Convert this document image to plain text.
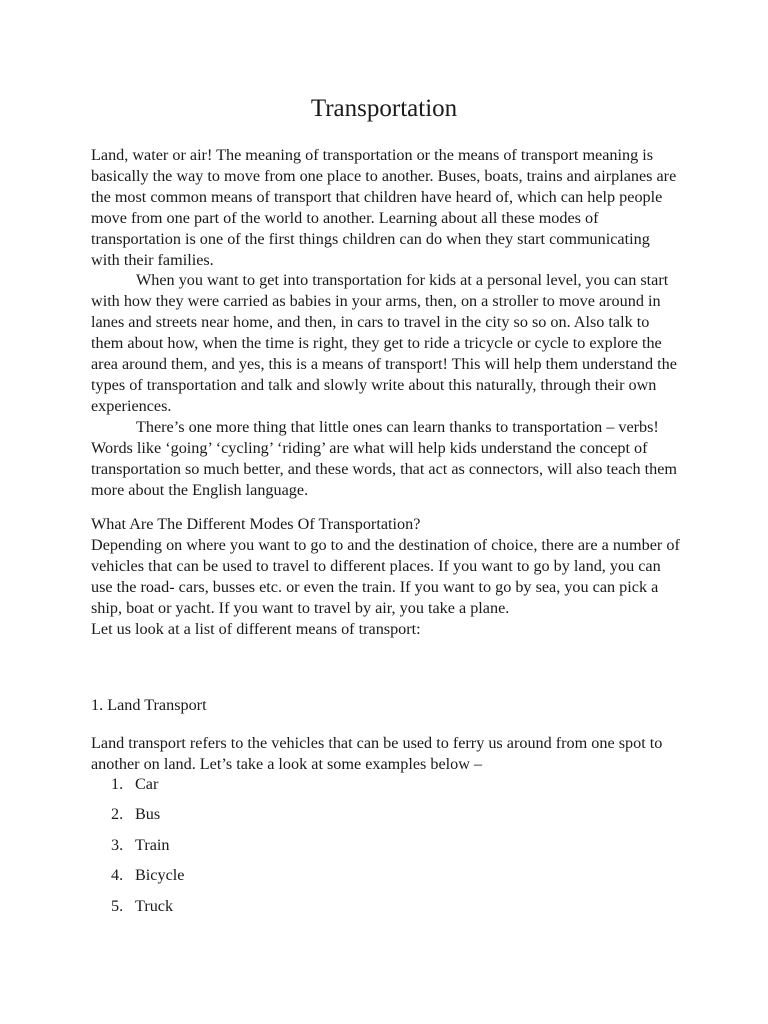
Transportation

Land, water or air! The meaning of transportation or the means of transport meaning is basically the way to move from one place to another. Buses, boats, trains and airplanes are the most common means of transport that children have heard of, which can help people move from one part of the world to another. Learning about all these modes of transportation is one of the first things children can do when they start communicating with their families.

When you want to get into transportation for kids at a personal level, you can start with how they were carried as babies in your arms, then, on a stroller to move around in lanes and streets near home, and then, in cars to travel in the city so so on. Also talk to them about how, when the time is right, they get to ride a tricycle or cycle to explore the area around them, and yes, this is a means of transport! This will help them understand the types of transportation and talk and slowly write about this naturally, through their own experiences.

There’s one more thing that little ones can learn thanks to transportation – verbs! Words like ‘going’ ‘cycling’ ‘riding’ are what will help kids understand the concept of transportation so much better, and these words, that act as connectors, will also teach them more about the English language.

What Are The Different Modes Of Transportation?

Depending on where you want to go to and the destination of choice, there are a number of vehicles that can be used to travel to different places. If you want to go by land, you can use the road- cars, busses etc. or even the train. If you want to go by sea, you can pick a ship, boat or yacht. If you want to travel by air, you take a plane.

Let us look at a list of different means of transport:

1. Land Transport

Land transport refers to the vehicles that can be used to ferry us around from one spot to another on land. Let’s take a look at some examples below –

1. Car
2. Bus
3. Train
4. Bicycle
5. Truck
